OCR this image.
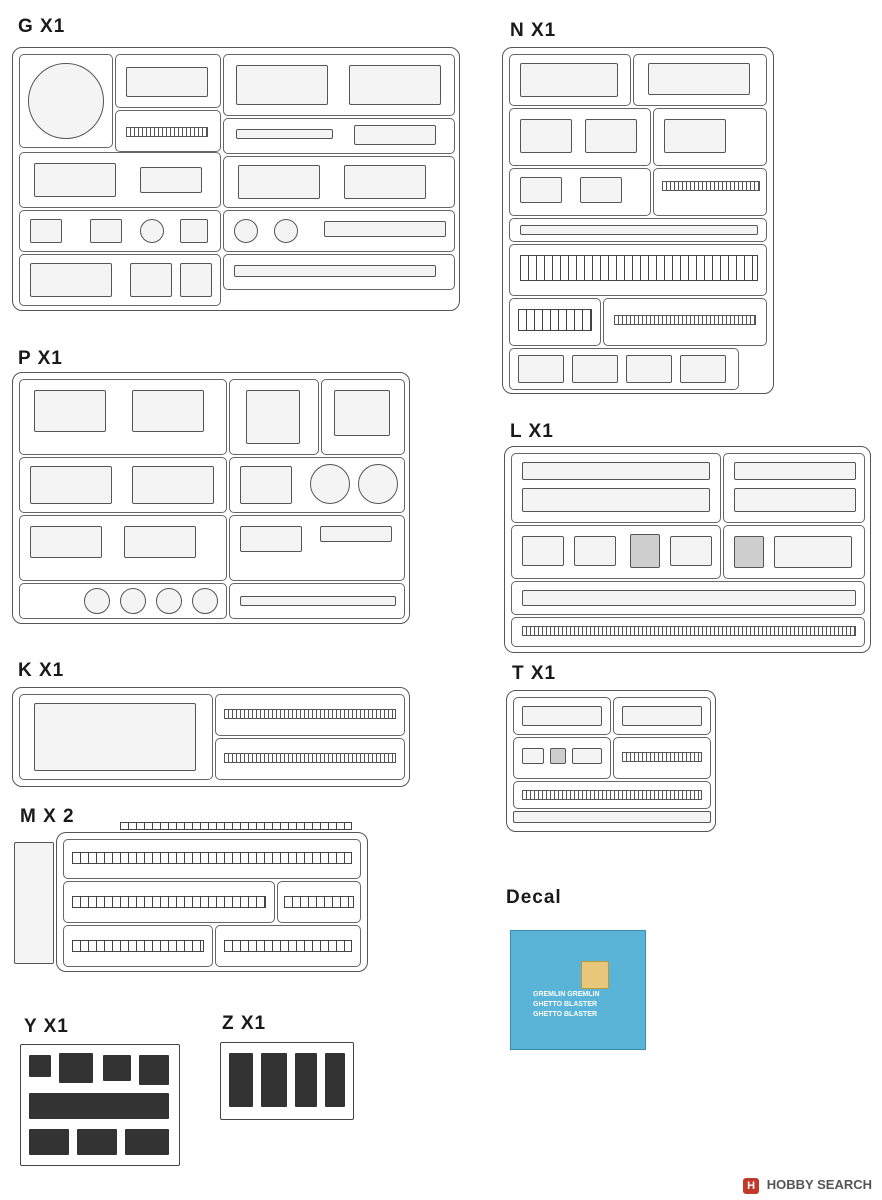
G X1	N X1
P X1
L X1
K X1	T X1
M X 2
Decal
GREMLIN GREMLIN
GHETTO BLASTER
GHETTO BLASTER
Y X1	Z X1
H HOBBY SEARCH
